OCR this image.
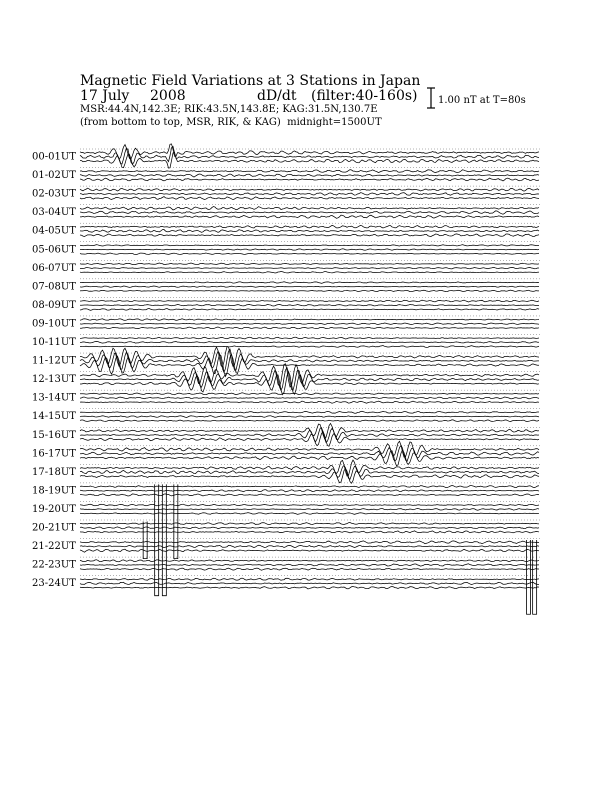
Magnetic Field Variations at 3 Stations in Japan
17 July 2008	dD/dt (filter:40-160s)
MSR:44.4N,142.3E; RIK:43.5N,143.8E; KAG:31.5N,130.7E
(from bottom to top, MSR, RIK, & KAG) midnight=1500UT
1.00 nT at T=80s
00-01UT
01-02UT
02-03UT
03-04UT
04-05UT
05-06UT
06-07UT
07-08UT
08-09UT
09-10UT
10-11UT
11-12UT
12-13UT
13-14UT
14-15UT
15-16UT
16-17UT
17-18UT
18-19UT
19-20UT
20-21UT
21-22UT
22-23UT
23-24UT
